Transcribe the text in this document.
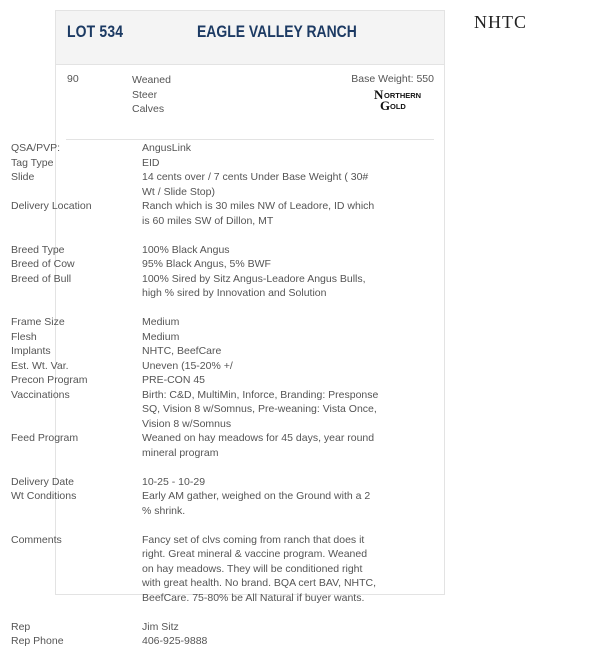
NHTC
LOT 534	EAGLE VALLEY RANCH
90	Weaned
Steer
Calves
Base Weight: 550
N ORTHERN
G OLD
QSA/PVP:	AngusLink
Tag Type	EID
Slide	14 cents over / 7 cents Under Base Weight ( 30# Wt / Slide Stop)
Delivery Location	Ranch which is 30 miles NW of Leadore, ID which is 60 miles SW of Dillon, MT
Breed Type	100% Black Angus
Breed of Cow	95% Black Angus, 5% BWF
Breed of Bull	100% Sired by Sitz Angus-Leadore Angus Bulls, high % sired by Innovation and Solution
Frame Size	Medium
Flesh	Medium
Implants	NHTC, BeefCare
Est. Wt. Var.	Uneven (15-20% +/
Precon Program	PRE-CON 45
Vaccinations	Birth: C&D, MultiMin, Inforce, Branding: Presponse SQ, Vision 8 w/Somnus, Pre-weaning: Vista Once, Vision 8 w/Somnus
Feed Program	Weaned on hay meadows for 45 days, year round mineral program
Delivery Date	10-25 - 10-29
Wt Conditions	Early AM gather, weighed on the Ground with a 2 % shrink.
Comments	Fancy set of clvs coming from ranch that does it right. Great mineral & vaccine program. Weaned on hay meadows. They will be conditioned right with great health. No brand. BQA cert BAV, NHTC, BeefCare. 75-80% be All Natural if buyer wants.
Rep	Jim Sitz
Rep Phone	406-925-9888
